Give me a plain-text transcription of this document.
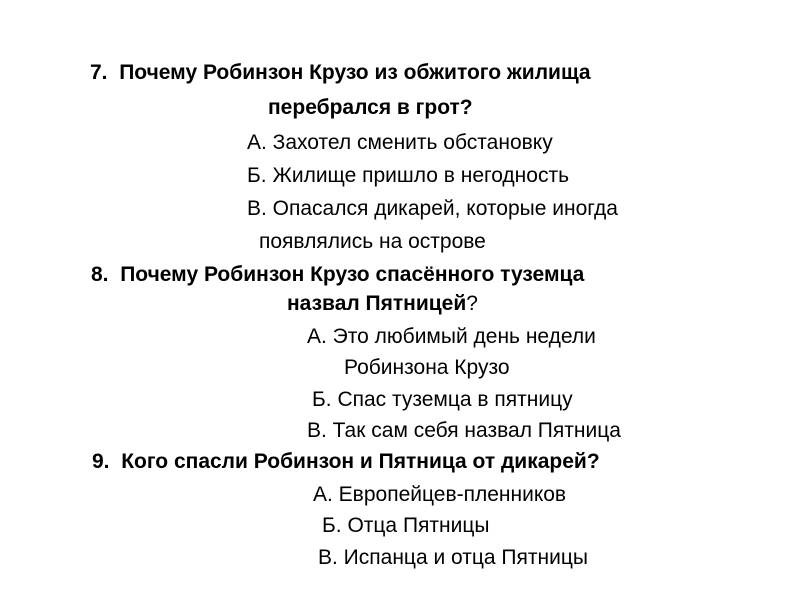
7. Почему Робинзон Крузо из обжитого жилища
перебрался в грот?
А. Захотел сменить обстановку
Б. Жилище пришло в негодность
В. Опасался дикарей, которые иногда
появлялись на острове
8. Почему Робинзон Крузо спасённого туземца
назвал Пятницей?
А. Это любимый день недели
Робинзона Крузо
Б. Спас туземца в пятницу
В. Так сам себя назвал Пятница
9. Кого спасли Робинзон и Пятница от дикарей?
А. Европейцев-пленников
Б. Отца Пятницы
В. Испанца и отца Пятницы
